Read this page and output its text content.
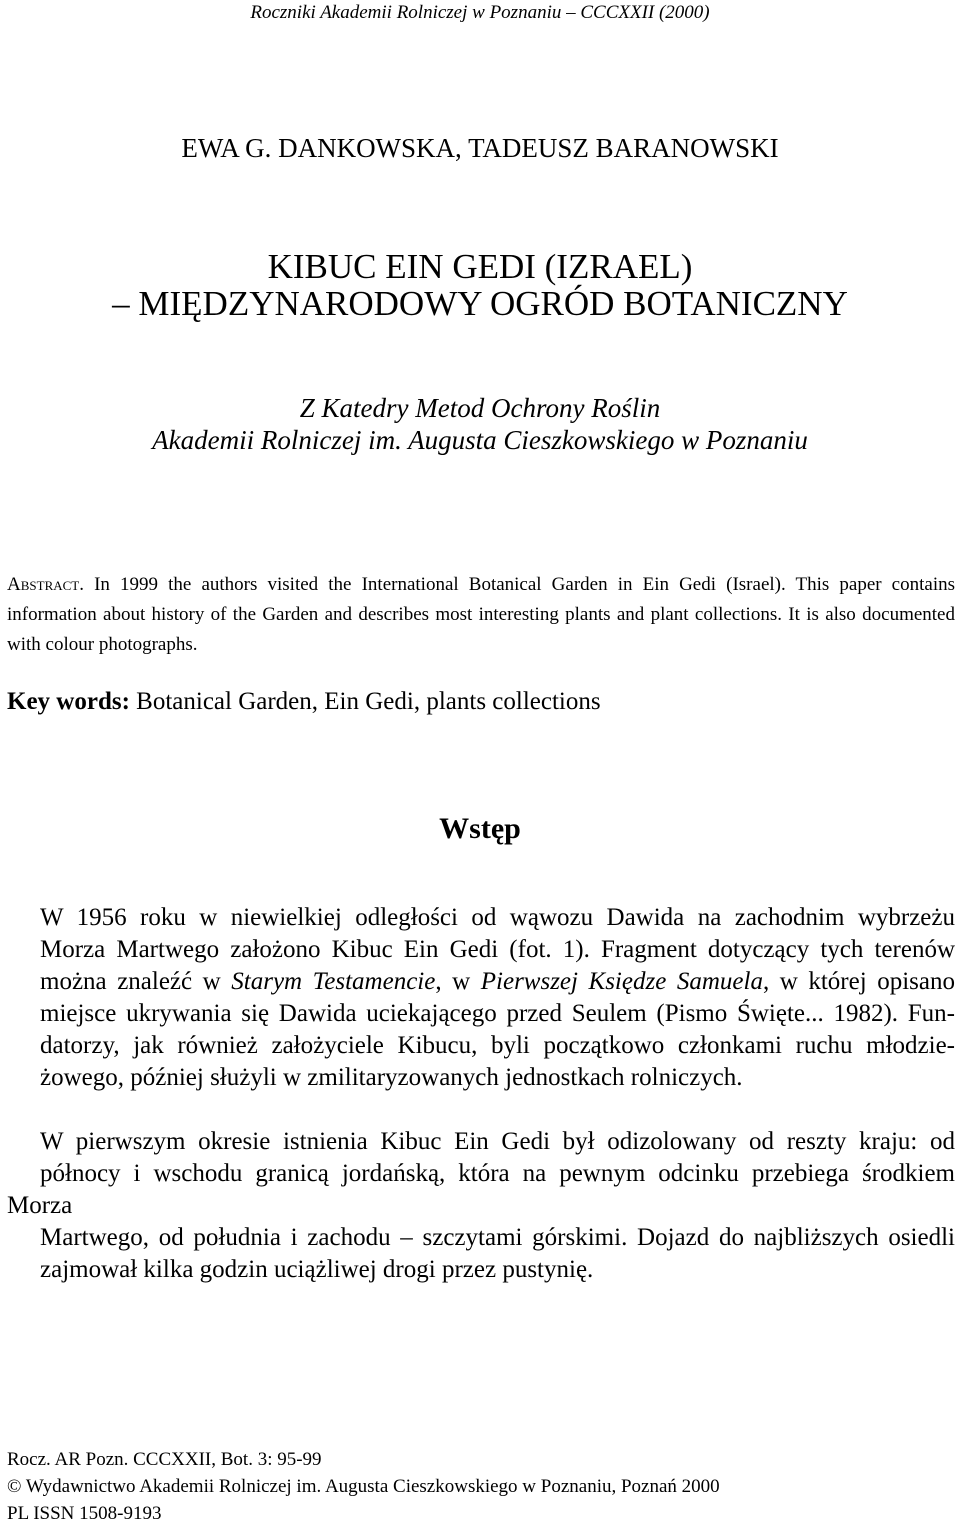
Roczniki Akademii Rolniczej w Poznaniu – CCCXXII (2000)
EWA G. DANKOWSKA, TADEUSZ BARANOWSKI
KIBUC EIN GEDI (IZRAEL)
– MIĘDZYNARODOWY OGRÓD BOTANICZNY
Z Katedry Metod Ochrony Roślin
Akademii Rolniczej im. Augusta Cieszkowskiego w Poznaniu

Abstract. In 1999 the authors visited the International Botanical Garden in Ein Gedi (Israel). This paper contains information about history of the Garden and describes most interesting plants and plant collections. It is also documented with colour photographs.

Key words: Botanical Garden, Ein Gedi, plants collections
Wstęp
W 1956 roku w niewielkiej odległości od wąwozu Dawida na zachodnim wybrzeżu
Morza Martwego założono Kibuc Ein Gedi (fot. 1). Fragment dotyczący tych terenów
można znaleźć w Starym Testamencie, w Pierwszej Księdze Samuela, w której opisano
miejsce ukrywania się Dawida uciekającego przed Seulem (Pismo Święte... 1982). Fun-
datorzy, jak również założyciele Kibucu, byli początkowo członkami ruchu młodzie-
żowego, później służyli w zmilitaryzowanych jednostkach rolniczych.
W pierwszym okresie istnienia Kibuc Ein Gedi był odizolowany od reszty kraju: od
północy i wschodu granicą jordańską, która na pewnym odcinku przebiega środkiem Morza
Martwego, od południa i zachodu – szczytami górskimi. Dojazd do najbliższych osiedli
zajmował kilka godzin uciążliwej drogi przez pustynię.
Rocz. AR Pozn. CCCXXII, Bot. 3: 95-99
© Wydawnictwo Akademii Rolniczej im. Augusta Cieszkowskiego w Poznaniu, Poznań 2000
PL ISSN 1508-9193
